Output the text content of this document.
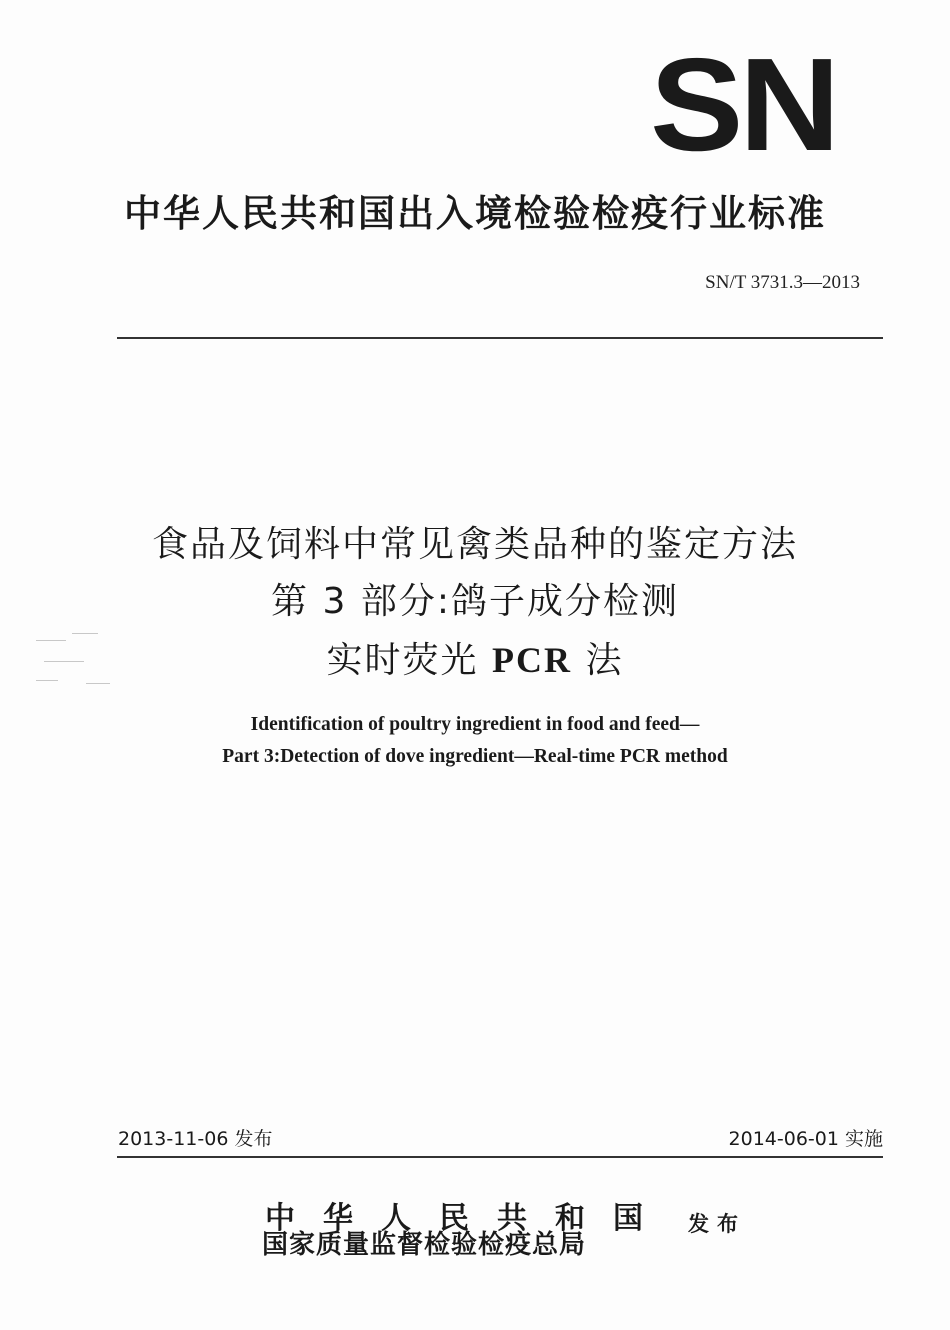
SN
中华人民共和国出入境检验检疫行业标准
SN/T 3731.3—2013
食品及饲料中常见禽类品种的鉴定方法
第 3 部分:鸽子成分检测
实时荧光 PCR 法
Identification of poultry ingredient in food and feed—
Part 3:Detection of dove ingredient—Real-time PCR method
2013-11-06 发布	2014-06-01 实施
中华人民共和国
国家质量监督检验检疫总局
发布
